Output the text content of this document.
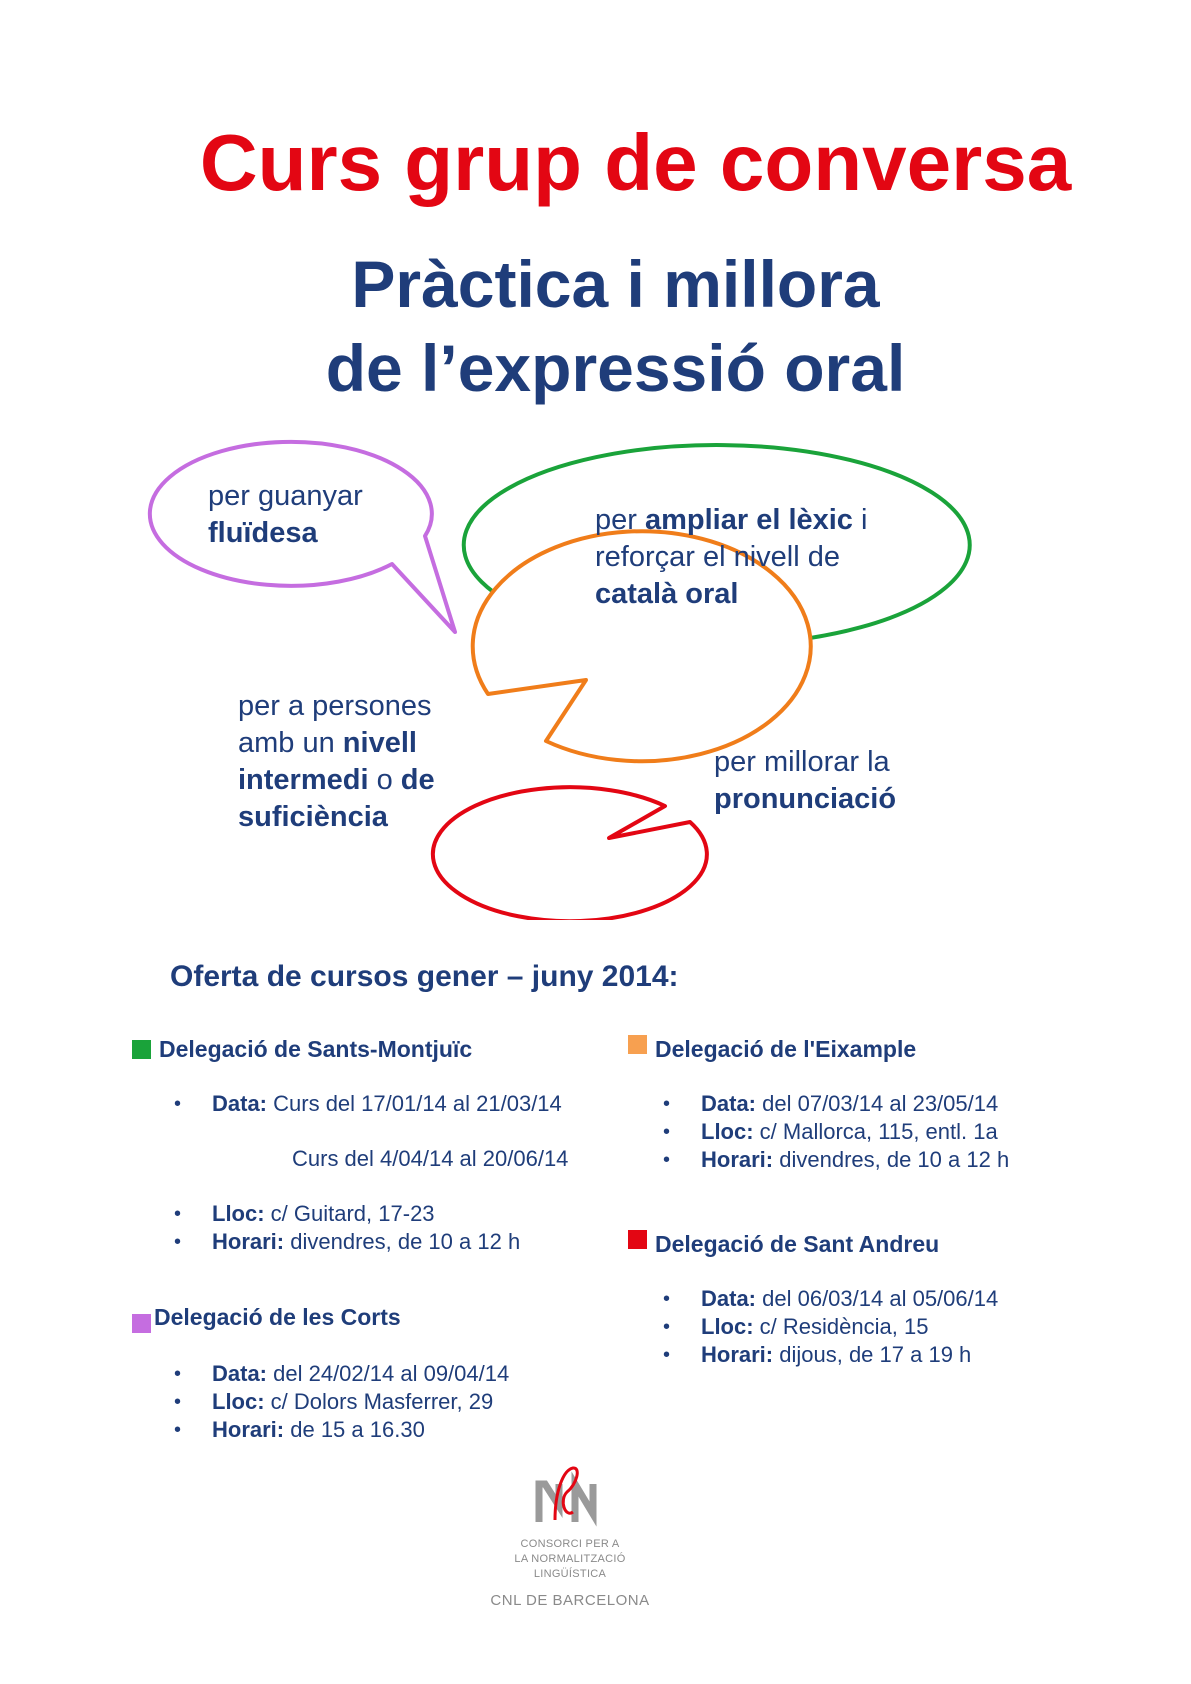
Curs grup de conversa
Pràctica i millora
de l’expressió oral
per guanyar
fluïdesa	per ampliar el lèxic i
reforçar el nivell de
català oral
per a persones
amb un nivell
intermedi o de
suficiència
per millorar la
pronunciació
Oferta de cursos gener – juny 2014:
Delegació de Sants-Montjuïc
• Data: Curs del 17/01/14 al 21/03/14
Curs del 4/04/14 al 20/06/14
• Lloc: c/ Guitard, 17-23
• Horari: divendres, de 10 a 12 h
Delegació de les Corts
• Data: del 24/02/14 al 09/04/14
• Lloc: c/ Dolors Masferrer, 29
• Horari: de 15 a 16.30
Delegació de l'Eixample
• Data: del 07/03/14 al 23/05/14
• Lloc: c/ Mallorca, 115, entl. 1a
• Horari: divendres, de 10 a 12 h
Delegació de Sant Andreu
• Data: del 06/03/14 al 05/06/14
• Lloc: c/ Residència, 15
• Horari: dijous, de 17 a 19 h
CONSORCI PER A
LA NORMALITZACIÓ
LINGÜÍSTICA
CNL DE BARCELONA
